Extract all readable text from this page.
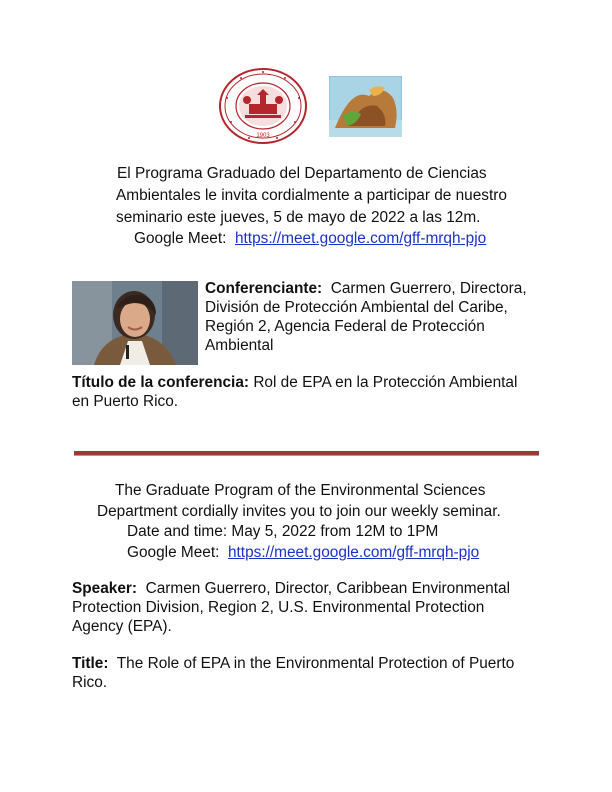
1903
El Programa Graduado del Departamento de Ciencias
Ambientales le invita cordialmente a participar de nuestro
seminario este jueves, 5 de mayo de 2022 a las 12m.
Google Meet: https://meet.google.com/gff-mrqh-pjo
Conferenciante: Carmen Guerrero, Directora,
División de Protección Ambiental del Caribe,
Región 2, Agencia Federal de Protección
Ambiental
Título de la conferencia: Rol de EPA en la Protección Ambiental
en Puerto Rico.
The Graduate Program of the Environmental Sciences
Department cordially invites you to join our weekly seminar.
Date and time: May 5, 2022 from 12M to 1PM
Google Meet: https://meet.google.com/gff-mrqh-pjo
Speaker: Carmen Guerrero, Director, Caribbean Environmental
Protection Division, Region 2, U.S. Environmental Protection
Agency (EPA).
Title: The Role of EPA in the Environmental Protection of Puerto
Rico.
